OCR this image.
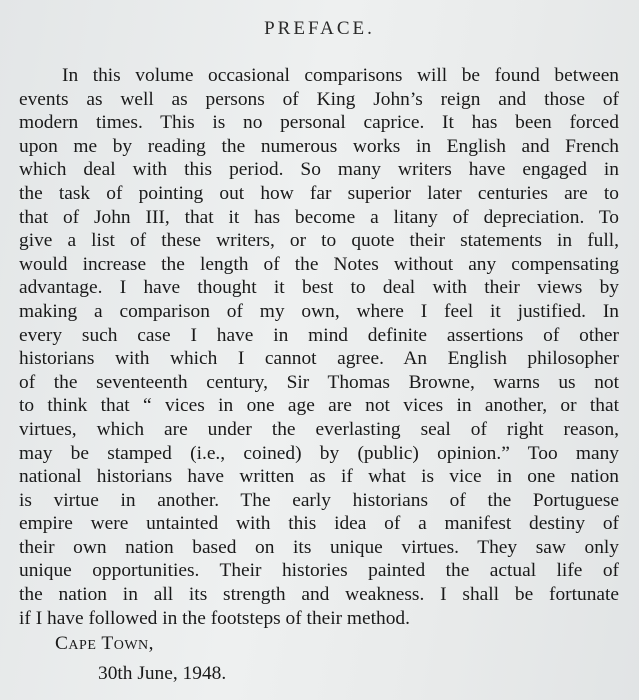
PREFACE.
In this volume occasional comparisons will be found between
events as well as persons of King John’s reign and those of
modern times. This is no personal caprice. It has been forced
upon me by reading the numerous works in English and French
which deal with this period. So many writers have engaged in
the task of pointing out how far superior later centuries are to
that of John III, that it has become a litany of depreciation. To
give a list of these writers, or to quote their statements in full,
would increase the length of the Notes without any compensating
advantage. I have thought it best to deal with their views by
making a comparison of my own, where I feel it justified. In
every such case I have in mind definite assertions of other
historians with which I cannot agree. An English philosopher
of the seventeenth century, Sir Thomas Browne, warns us not
to think that “ vices in one age are not vices in another, or that
virtues, which are under the everlasting seal of right reason,
may be stamped (i.e., coined) by (public) opinion.” Too many
national historians have written as if what is vice in one nation
is virtue in another. The early historians of the Portuguese
empire were untainted with this idea of a manifest destiny of
their own nation based on its unique virtues. They saw only
unique opportunities. Their histories painted the actual life of
the nation in all its strength and weakness. I shall be fortunate
if I have followed in the footsteps of their method.
Cape Town,
30th June, 1948.
